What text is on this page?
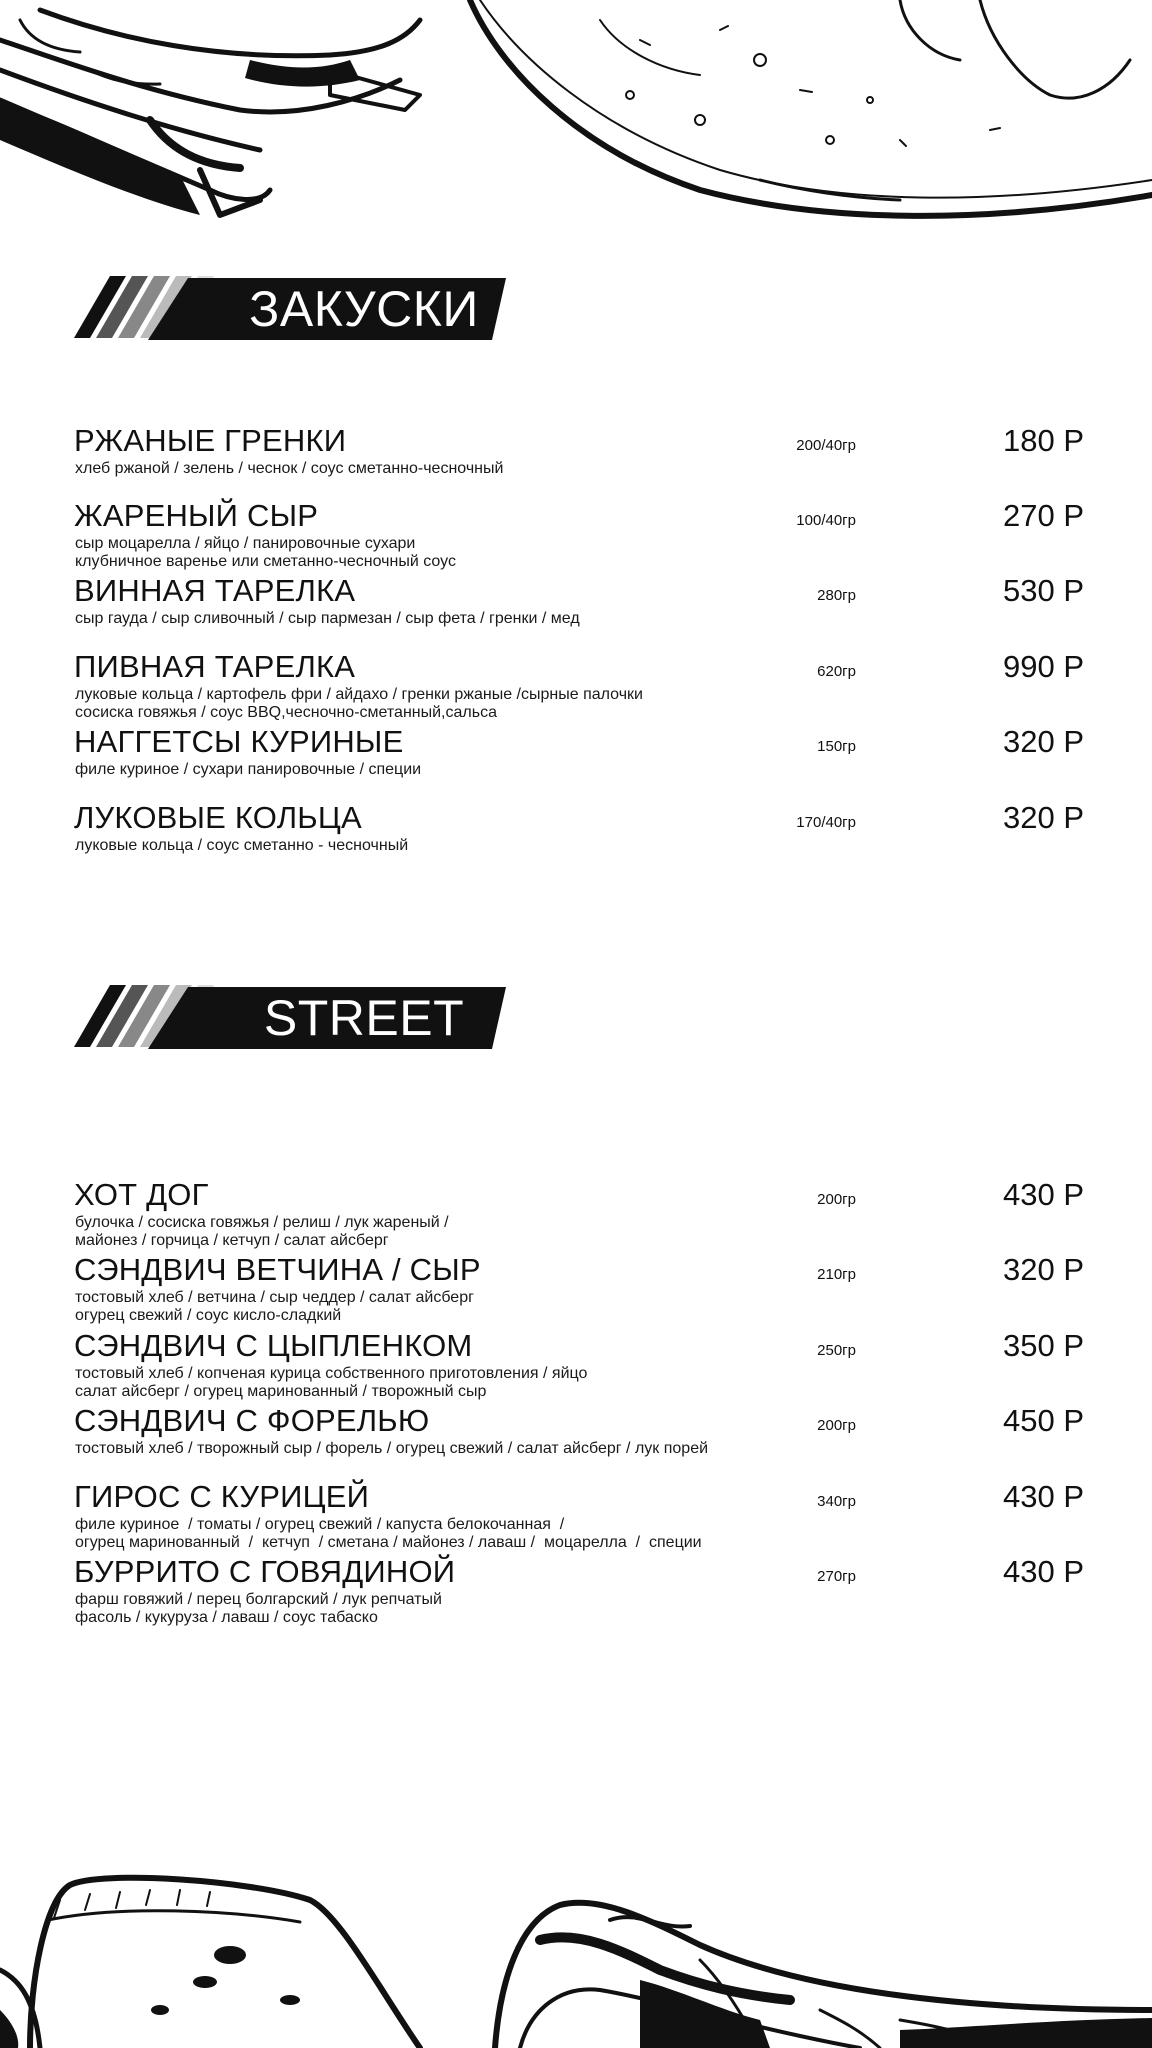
ЗАКУСКИ
РЖАНЫЕ ГРЕНКИ
хлеб ржаной / зелень / чеснок / соус сметанно-чесночный
200/40гр	180 Р
ЖАРЕНЫЙ СЫР
сыр моцарелла / яйцо / панировочные сухари
клубничное варенье или сметанно-чесночный соус
100/40гр	270 Р
ВИННАЯ ТАРЕЛКА
сыр гауда / сыр сливочный / сыр пармезан / сыр фета / гренки / мед
280гр	530 Р
ПИВНАЯ ТАРЕЛКА
луковые кольца / картофель фри / айдахо / гренки ржаные /сырные палочки
сосиска говяжья / соус BBQ,чесночно-сметанный,сальса
620гр	990 Р
НАГГЕТСЫ КУРИНЫЕ
филе куриное / сухари панировочные / специи
150гр	320 Р
ЛУКОВЫЕ КОЛЬЦА
луковые кольца / соус сметанно - чесночный
170/40гр	320 Р
STREET
ХОТ ДОГ
булочка / сосиска говяжья / релиш / лук жареный /
майонез / горчица / кетчуп / салат айсберг
200гр	430 Р
СЭНДВИЧ ВЕТЧИНА / СЫР
тостовый хлеб / ветчина / сыр чеддер / салат айсберг
огурец свежий / соус кисло-сладкий
210гр	320 Р
СЭНДВИЧ С ЦЫПЛЕНКОМ
тостовый хлеб / копченая курица собственного приготовления / яйцо
салат айсберг / огурец маринованный / творожный сыр
250гр	350 Р
СЭНДВИЧ С ФОРЕЛЬЮ
тостовый хлеб / творожный сыр / форель / огурец свежий / салат айсберг / лук порей
200гр	450 Р
ГИРОС С КУРИЦЕЙ
филе куриное  / томаты / огурец свежий / капуста белокочанная  /
огурец маринованный  /  кетчуп  / сметана / майонез / лаваш /  моцарелла  /  специи
340гр	430 Р
БУРРИТО С ГОВЯДИНОЙ
фарш говяжий / перец болгарский / лук репчатый
фасоль / кукуруза / лаваш / соус табаско
270гр	430 Р
